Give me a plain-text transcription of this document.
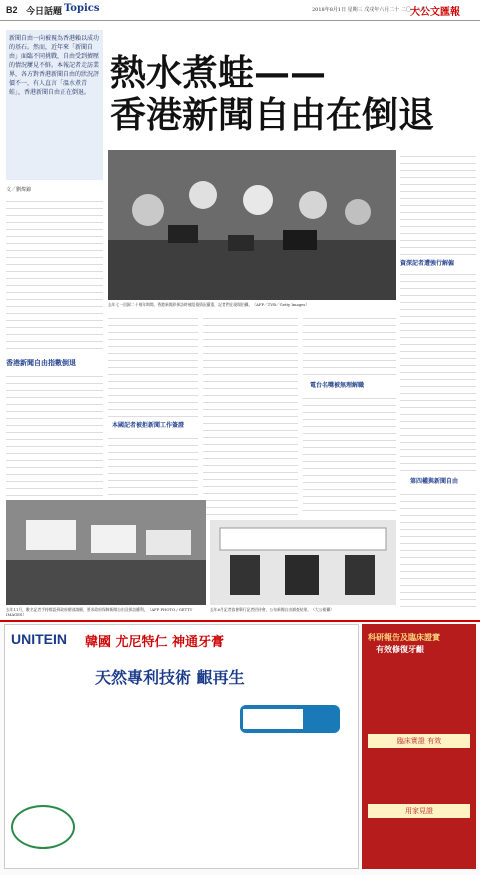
B2 今日話題 Topics	2018年8月1日 星期三 戊戌年六月二十 二〇一八年
大公文匯報
新聞自由一向被視為香港賴以成功的基石。然而，近年來「新聞自由」面臨不同挑戰，自由受到擠壓的情況屢見不鮮。本報記者走訪業界，各方對香港新聞自由的狀況評價不一，有人直言「溫水煮青蛙」，香港新聞自由正在倒退。 熱水煮蛙——
香港新聞自由在倒退
文／劉煒錦
香港新聞自由指數倒退
去年七一回歸二十週年期間，香港新聞界採訪時被阻撓情況嚴重，記者們在現場拍攝。（AFP／TVB／Getty Images）
資深記者遭強行解僱
第四權與新聞自由
本國記者被拒新聞工作簽證
電台名嘴被無理解職
去年11月，數名記者手持標語到政府總部請願，要求政府保障新聞自由及採訪權利。（AFP PHOTO / GETTY IMAGES）
去年6月記者協會舉行記者招待會，公布新聞自由調查結果。（大公報攝）
UNITEIN 韓國 尤尼特仁 神通牙膏
天然專利技術 齦再生
科研報告及臨床證實
有效修復牙齦
臨床實證 有效
用家見證
